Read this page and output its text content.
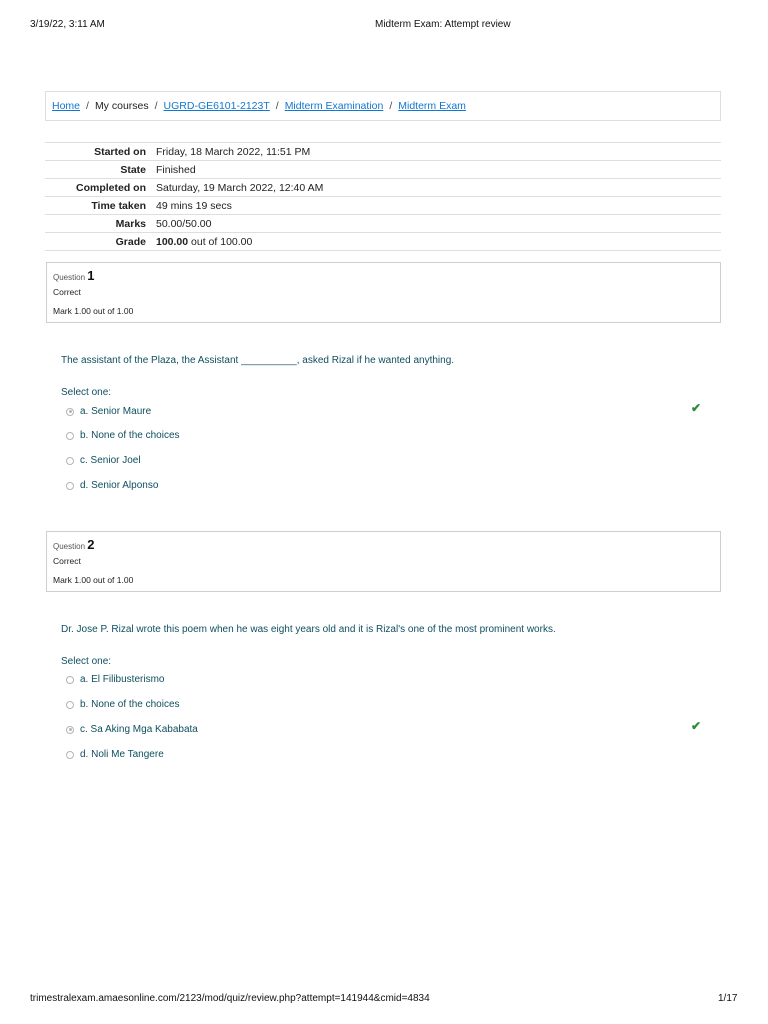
3/19/22, 3:11 AM	Midterm Exam: Attempt review
Home / My courses / UGRD-GE6101-2123T / Midterm Examination / Midterm Exam
Started on	Friday, 18 March 2022, 11:51 PM
State	Finished
Completed on	Saturday, 19 March 2022, 12:40 AM
Time taken	49 mins 19 secs
Marks	50.00/50.00
Grade	100.00 out of 100.00
Question 1
Correct
Mark 1.00 out of 1.00
The assistant of the Plaza, the Assistant __________, asked Rizal if he wanted anything.
Select one:
a. Senior Maure
b. None of the choices
c. Senior Joel
d. Senior Alponso
✔
Question 2
Correct
Mark 1.00 out of 1.00
Dr. Jose P. Rizal wrote this poem when he was eight years old and it is Rizal's one of the most prominent works.
Select one:
a. El Filibusterismo
b. None of the choices
c. Sa Aking Mga Kababata
d. Noli Me Tangere
✔
trimestralexam.amaesonline.com/2123/mod/quiz/review.php?attempt=141944&cmid=4834	1/17
